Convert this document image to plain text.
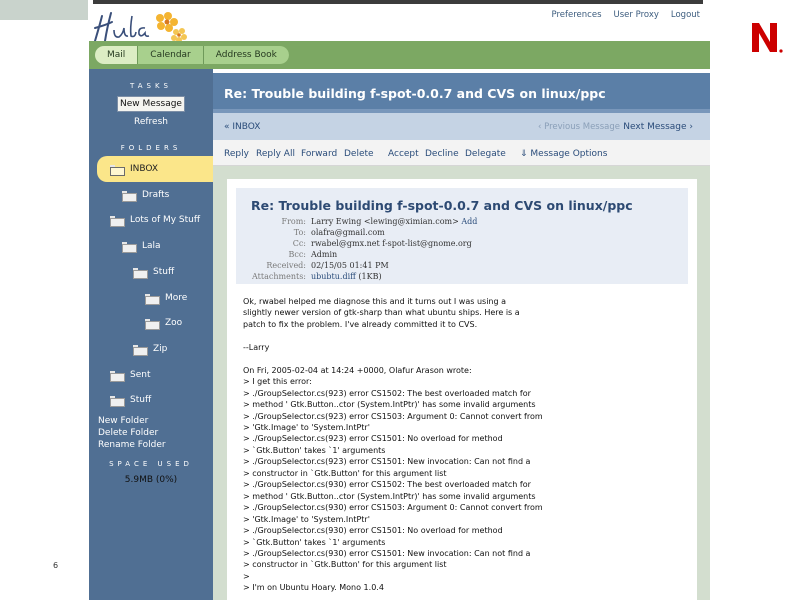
6
Preferences User Proxy Logout
Mail	Calendar	Address Book
TASKS
New Message
Refresh
FOLDERS
INBOX
Drafts
Lots of My Stuff
Lala
Stuff
More
Zoo
Zip
Sent
Stuff
New Folder
Delete Folder
Rename Folder
SPACE USED
5.9MB (0%)
Re: Trouble building f-spot-0.0.7 and CVS on linux/ppc
« INBOX	‹ Previous Message Next Message ›
Reply Reply All Forward Delete Accept Decline Delegate ⇓ Message Options
Re: Trouble building f-spot-0.0.7 and CVS on linux/ppc
From: Larry Ewing <lewing@ximian.com> Add
To: olafra@gmail.com
Cc: rwabel@gmx.net f-spot-list@gnome.org
Bcc: Admin
Received: 02/15/05 01:41 PM
Attachments: ububtu.diff (1KB)
Ok, rwabel helped me diagnose this and it turns out I was using a
slightly newer version of gtk-sharp than what ubuntu ships. Here is a
patch to fix the problem. I've already committed it to CVS.

--Larry

On Fri, 2005-02-04 at 14:24 +0000, Olafur Arason wrote:
> I get this error:
> ./GroupSelector.cs(923) error CS1502: The best overloaded match for
> method ' Gtk.Button..ctor (System.IntPtr)' has some invalid arguments
> ./GroupSelector.cs(923) error CS1503: Argument 0: Cannot convert from
> 'Gtk.Image' to 'System.IntPtr'
> ./GroupSelector.cs(923) error CS1501: No overload for method
> `Gtk.Button' takes `1' arguments
> ./GroupSelector.cs(923) error CS1501: New invocation: Can not find a
> constructor in `Gtk.Button' for this argument list
> ./GroupSelector.cs(930) error CS1502: The best overloaded match for
> method ' Gtk.Button..ctor (System.IntPtr)' has some invalid arguments
> ./GroupSelector.cs(930) error CS1503: Argument 0: Cannot convert from
> 'Gtk.Image' to 'System.IntPtr'
> ./GroupSelector.cs(930) error CS1501: No overload for method
> `Gtk.Button' takes `1' arguments
> ./GroupSelector.cs(930) error CS1501: New invocation: Can not find a
> constructor in `Gtk.Button' for this argument list
>
> I'm on Ubuntu Hoary. Mono 1.0.4
